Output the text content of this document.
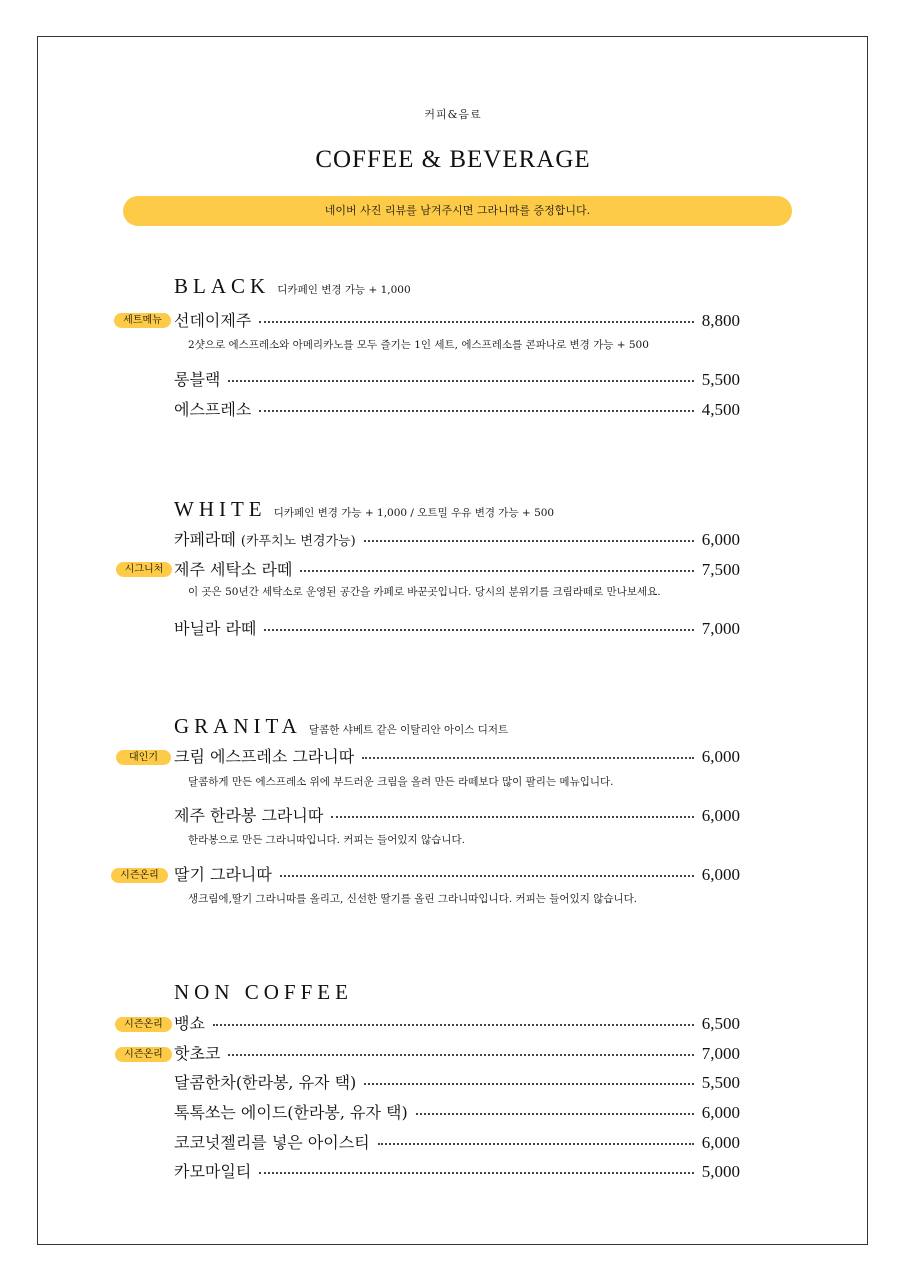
커피&음료
COFFEE & BEVERAGE
네이버 사진 리뷰를 남겨주시면 그라니따를 증정합니다.
BLACK 디카페인 변경 가능 + 1,000
세트메뉴 선데이제주	8,800
2샷으로 에스프레소와 아메리카노를 모두 즐기는 1인 세트, 에스프레소를 콘파나로 변경 가능 + 500
롱블랙	5,500
에스프레소	4,500
WHITE 디카페인 변경 가능 + 1,000 / 오트밀 우유 변경 가능 + 500
카페라떼 (카푸치노 변경가능)	6,000
시그니처 제주 세탁소 라떼	7,500
이 곳은 50년간 세탁소로 운영된 공간을 카페로 바꾼곳입니다. 당시의 분위기를 크림라떼로 만나보세요.
바닐라 라떼	7,000
GRANITA 달콤한 샤베트 같은 이탈리안 아이스 디저트
대인기	크림 에스프레소 그라니따	6,000
달콤하게 만든 에스프레소 위에 부드러운 크림을 올려 만든 라떼보다 많이 팔리는 메뉴입니다.
제주 한라봉 그라니따	6,000
한라봉으로 만든 그라니따입니다. 커피는 들어있지 않습니다.
시즌온리 딸기 그라니따	6,000
생크림에,딸기 그라니따를 올리고, 신선한 딸기를 올린 그라니따입니다. 커피는 들어있지 않습니다.
NON COFFEE
시즌온리 뱅쇼	6,500
시즌온리 핫초코	7,000
달콤한차(한라봉, 유자 택)	5,500
톡톡쏘는 에이드(한라봉, 유자 택)	6,000
코코넛젤리를 넣은 아이스티	6,000
카모마일티	5,000
